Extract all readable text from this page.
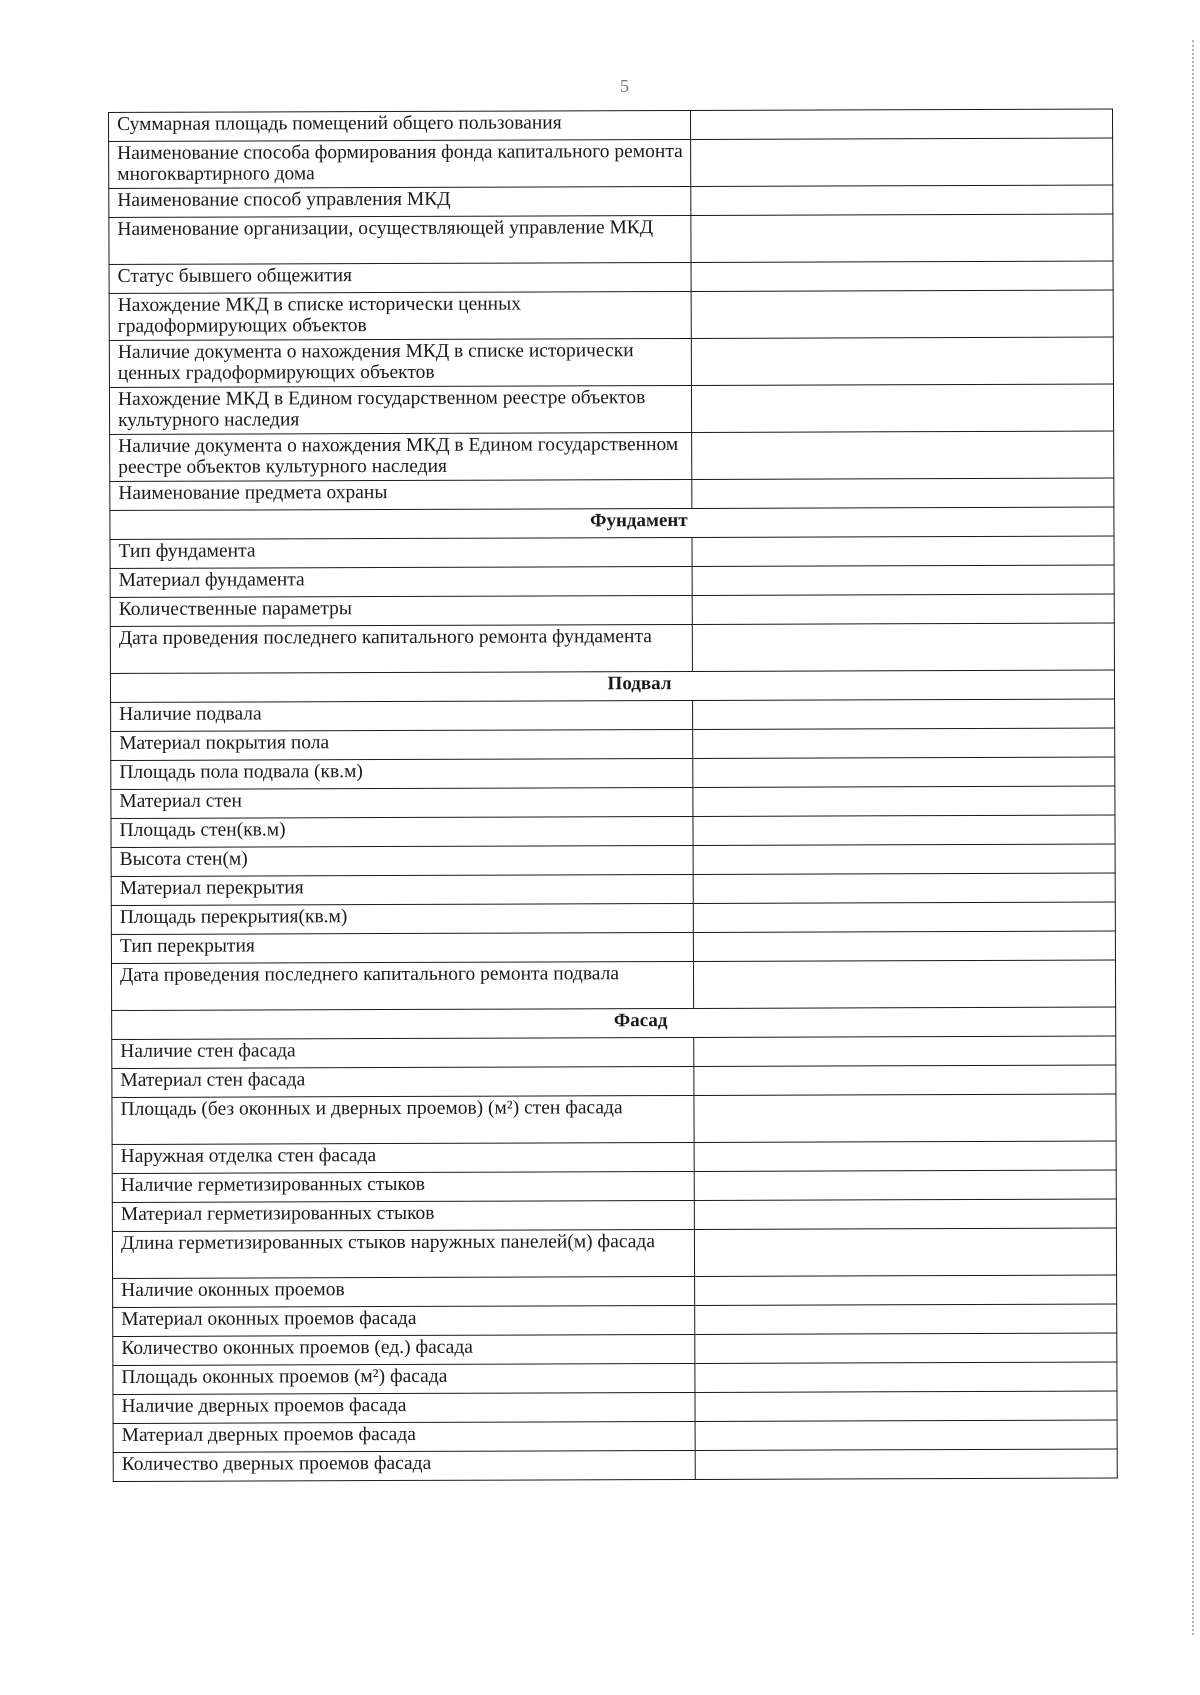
5
Суммарная площадь помещений общего пользования	
Наименование способа формирования фонда капитального ремонта многоквартирного дома	
Наименование способ управления МКД	
Наименование организации, осуществляющей управление МКД	
Статус бывшего общежития	
Нахождение МКД в списке исторически ценных градоформирующих объектов	
Наличие документа о нахождения МКД в списке исторически ценных градоформирующих объектов	
Нахождение МКД в Едином государственном реестре объектов культурного наследия	
Наличие документа о нахождения МКД в Едином государственном реестре объектов культурного наследия	
Наименование предмета охраны	
Фундамент	
Тип фундамента	
Материал фундамента	
Количественные параметры	
Дата проведения последнего капитального ремонта фундамента	
Подвал	
Наличие подвала	
Материал покрытия пола	
Площадь пола подвала (кв.м)	
Материал стен	
Площадь стен(кв.м)	
Высота стен(м)	
Материал перекрытия	
Площадь перекрытия(кв.м)	
Тип перекрытия	
Дата проведения последнего капитального ремонта подвала	
Фасад	
Наличие стен фасада	
Материал стен фасада	
Площадь (без оконных и дверных проемов) (м²) стен фасада	
Наружная отделка стен фасада	
Наличие герметизированных стыков	
Материал герметизированных стыков	
Длина герметизированных стыков наружных панелей(м) фасада	
Наличие оконных проемов	
Материал оконных проемов фасада	
Количество оконных проемов (ед.) фасада	
Площадь оконных проемов (м²) фасада	
Наличие дверных проемов фасада	
Материал дверных проемов фасада	
Количество дверных проемов фасада	
